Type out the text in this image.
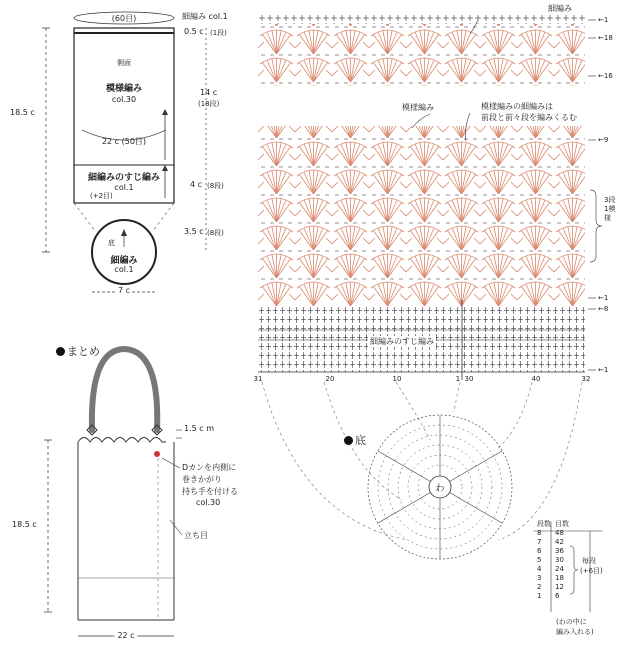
(60目)	細編み col.1
側面
模様編み
col.30
22 c (50目)
細編みのすじ編み
col.1
(+2目)
18.5 c
0.5 c (1段)
14 c
(18段)
4 c (8段)
3.5 c (8段)
底
細編み
col.1
7 c
まとめ
1.5 c m
Dカンを内側に
巻きかがり
持ち手を付ける
col.30
立ち目
18.5 c
22 c
細編み
模様編み	模様編みの細編みは
前段と前々段を編みくるむ
細編みのすじ編み
3段1模様
←1
←18
←16
←9
←1
←8
←1
31	20	10	1 30	40	32
底
わ
段数	目数
8	48
7	42
6	36
5	30
4	24
3	18
2	12
1	6
毎段
(+6目)
(わの中に
編み入れる)
